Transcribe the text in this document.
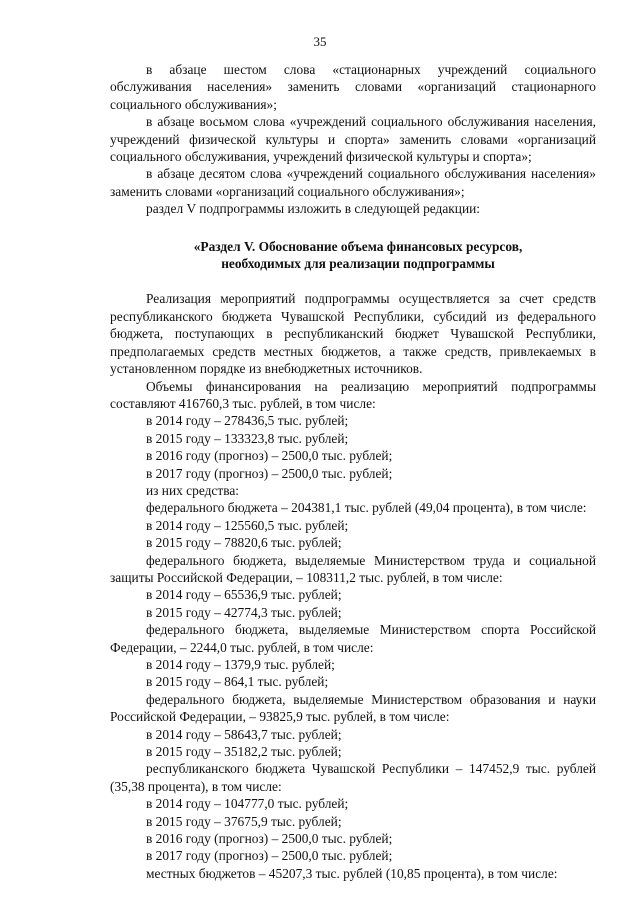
35

в абзаце шестом слова «стационарных учреждений социального обслуживания населения» заменить словами «организаций стационарного социального обслуживания»;

в абзаце восьмом слова «учреждений социального обслуживания населения, учреждений физической культуры и спорта» заменить словами «организаций социального обслуживания, учреждений физической культуры и спорта»;

в абзаце десятом слова «учреждений социального обслуживания населения» заменить словами «организаций социального обслуживания»;

раздел V подпрограммы изложить в следующей редакции:

«Раздел V. Обоснование объема финансовых ресурсов,

необходимых для реализации подпрограммы

Реализация мероприятий подпрограммы осуществляется за счет средств республиканского бюджета Чувашской Республики, субсидий из федерального бюджета, поступающих в республиканский бюджет Чувашской Республики, предполагаемых средств местных бюджетов, а также средств, привлекаемых в установленном порядке из внебюджетных источников.

Объемы финансирования на реализацию мероприятий подпрограммы составляют 416760,3 тыс. рублей, в том числе:

в 2014 году – 278436,5 тыс. рублей;

в 2015 году – 133323,8 тыс. рублей;

в 2016 году (прогноз) – 2500,0 тыс. рублей;

в 2017 году (прогноз) – 2500,0 тыс. рублей;

из них средства:

федерального бюджета – 204381,1 тыс. рублей (49,04 процента), в том числе:

в 2014 году – 125560,5 тыс. рублей;

в 2015 году – 78820,6 тыс. рублей;

федерального бюджета, выделяемые Министерством труда и социальной защиты Российской Федерации, – 108311,2 тыс. рублей, в том числе:

в 2014 году – 65536,9 тыс. рублей;

в 2015 году – 42774,3 тыс. рублей;

федерального бюджета, выделяемые Министерством спорта Российской Федерации, – 2244,0 тыс. рублей, в том числе:

в 2014 году – 1379,9 тыс. рублей;

в 2015 году – 864,1 тыс. рублей;

федерального бюджета, выделяемые Министерством образования и науки Российской Федерации, – 93825,9 тыс. рублей, в том числе:

в 2014 году – 58643,7 тыс. рублей;

в 2015 году – 35182,2 тыс. рублей;

республиканского бюджета Чувашской Республики – 147452,9 тыс. рублей (35,38 процента), в том числе:

в 2014 году – 104777,0 тыс. рублей;

в 2015 году – 37675,9 тыс. рублей;

в 2016 году (прогноз) – 2500,0 тыс. рублей;

в 2017 году (прогноз) – 2500,0 тыс. рублей;

местных бюджетов – 45207,3 тыс. рублей (10,85 процента), в том числе:
